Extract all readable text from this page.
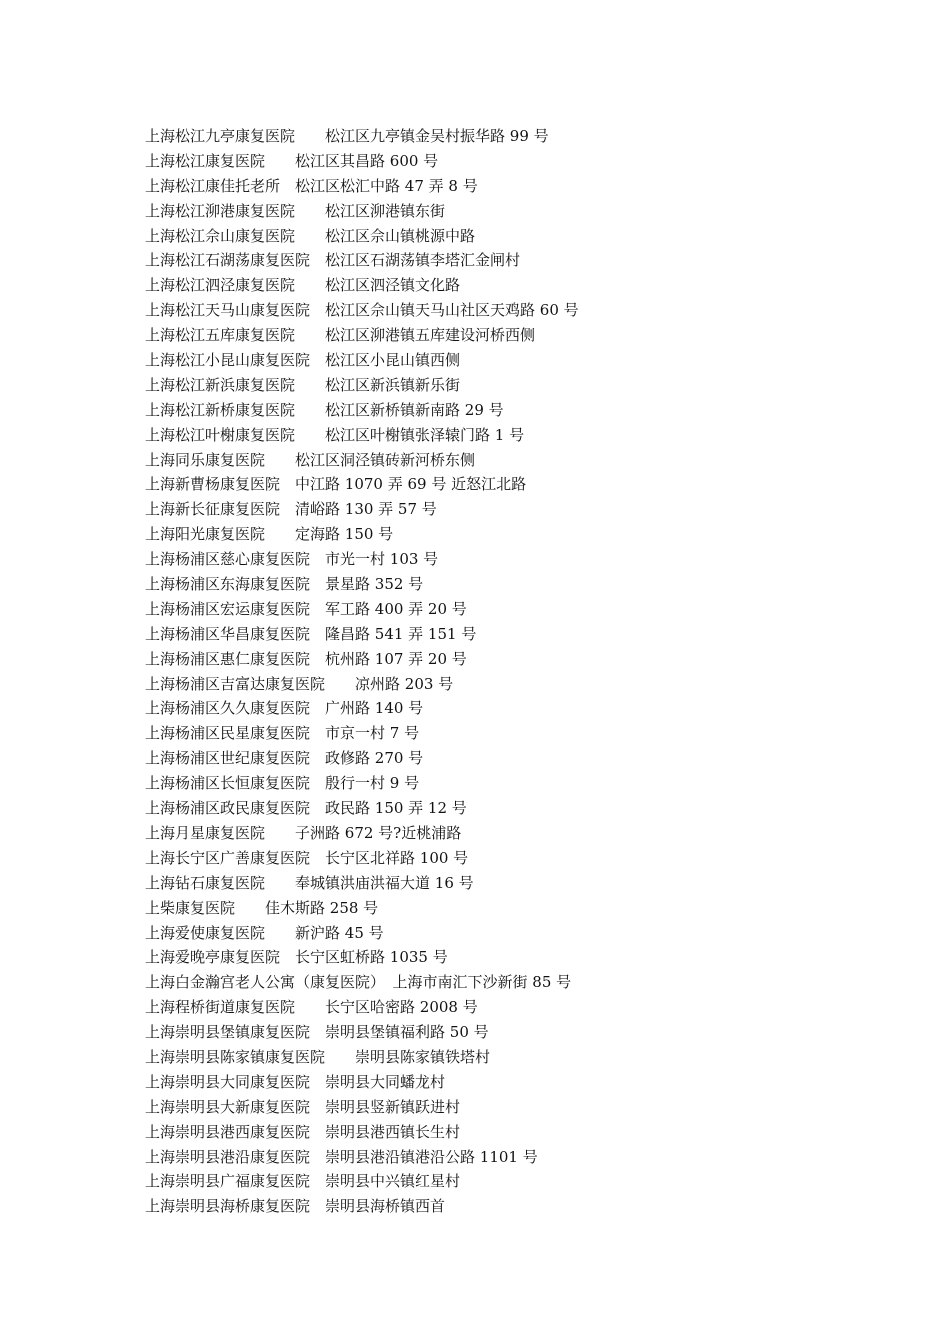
上海松江九亭康复医院　　松江区九亭镇金吴村振华路 99 号
上海松江康复医院　　松江区其昌路 600 号
上海松江康佳托老所　松江区松汇中路 47 弄 8 号
上海松江泖港康复医院　　松江区泖港镇东街
上海松江佘山康复医院　　松江区佘山镇桃源中路
上海松江石湖荡康复医院　松江区石湖荡镇李塔汇金闸村
上海松江泗泾康复医院　　松江区泗泾镇文化路
上海松江天马山康复医院　松江区佘山镇天马山社区天鸡路 60 号
上海松江五库康复医院　　松江区泖港镇五库建设河桥西侧
上海松江小昆山康复医院　松江区小昆山镇西侧
上海松江新浜康复医院　　松江区新浜镇新乐街
上海松江新桥康复医院　　松江区新桥镇新南路 29 号
上海松江叶榭康复医院　　松江区叶榭镇张泽辕门路 1 号
上海同乐康复医院　　松江区洞泾镇砖新河桥东侧
上海新曹杨康复医院　中江路 1070 弄 69 号 近怒江北路
上海新长征康复医院　清峪路 130 弄 57 号
上海阳光康复医院　　定海路 150 号
上海杨浦区慈心康复医院　市光一村 103 号
上海杨浦区东海康复医院　景星路 352 号
上海杨浦区宏运康复医院　军工路 400 弄 20 号
上海杨浦区华昌康复医院　隆昌路 541 弄 151 号
上海杨浦区惠仁康复医院　杭州路 107 弄 20 号
上海杨浦区吉富达康复医院　　凉州路 203 号
上海杨浦区久久康复医院　广州路 140 号
上海杨浦区民星康复医院　市京一村 7 号
上海杨浦区世纪康复医院　政修路 270 号
上海杨浦区长恒康复医院　殷行一村 9 号
上海杨浦区政民康复医院　政民路 150 弄 12 号
上海月星康复医院　　子洲路 672 号?近桃浦路
上海长宁区广善康复医院　长宁区北祥路 100 号
上海钻石康复医院　　奉城镇洪庙洪福大道 16 号
上柴康复医院　　佳木斯路 258 号
上海爱使康复医院　　新沪路 45 号
上海爱晚亭康复医院　长宁区虹桥路 1035 号
上海白金瀚宫老人公寓（康复医院）　上海市南汇下沙新街 85 号
上海程桥街道康复医院　　长宁区哈密路 2008 号
上海崇明县堡镇康复医院　崇明县堡镇福利路 50 号
上海崇明县陈家镇康复医院　　崇明县陈家镇铁塔村
上海崇明县大同康复医院　崇明县大同蟠龙村
上海崇明县大新康复医院　崇明县竖新镇跃进村
上海崇明县港西康复医院　崇明县港西镇长生村
上海崇明县港沿康复医院　崇明县港沿镇港沿公路 1101 号
上海崇明县广福康复医院　崇明县中兴镇红星村
上海崇明县海桥康复医院　崇明县海桥镇西首
